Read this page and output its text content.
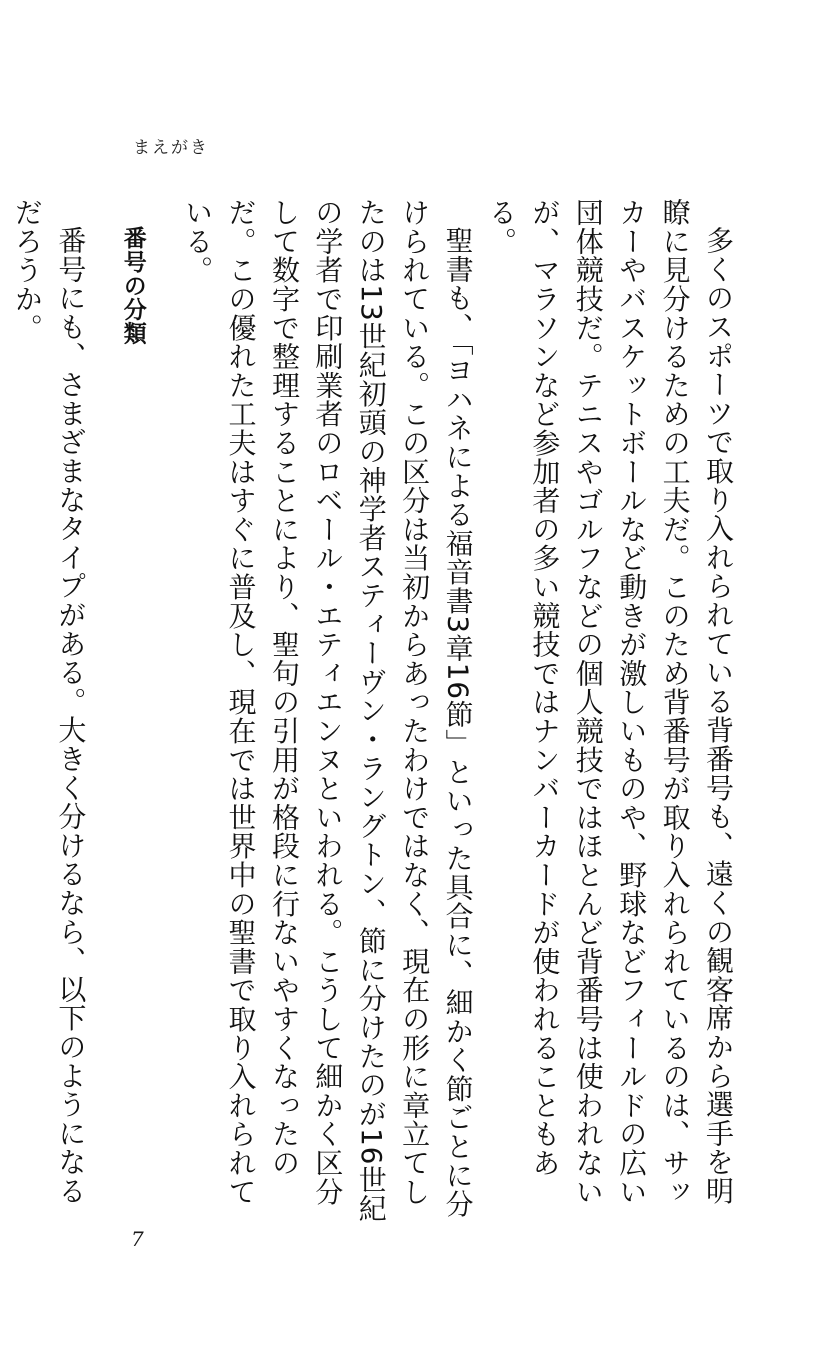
まえがき

多くのスポーツで取り入れられている背番号も、遠くの観客席から選手を明瞭に見分けるための工夫だ。このため背番号が取り入れられているのは、サッカーやバスケットボールなど動きが激しいものや、野球などフィールドの広い団体競技だ。テニスやゴルフなどの個人競技ではほとんど背番号は使われないが、マラソンなど参加者の多い競技ではナンバーカードが使われることもある。

聖書も、「ヨハネによる福音書3章16節」といった具合に、細かく節ごとに分けられている。この区分は当初からあったわけではなく、現在の形に章立てしたのは13世紀初頭の神学者スティーヴン・ラングトン、節に分けたのが16世紀の学者で印刷業者のロベール・エティエンヌといわれる。こうして細かく区分して数字で整理することにより、聖句の引用が格段に行ないやすくなったのだ。この優れた工夫はすぐに普及し、現在では世界中の聖書で取り入れられている。

番号の分類

番号にも、さまざまなタイプがある。大きく分けるなら、以下のようになるだろうか。

7
